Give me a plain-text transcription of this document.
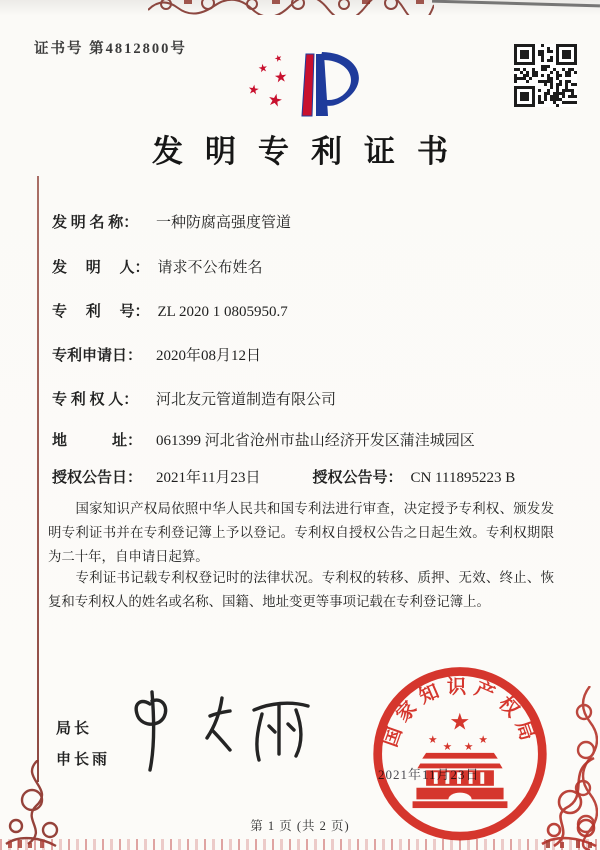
证书号 第4812800号
★
★ ★
★ ★
发明专利证书
发 明 名 称：	一种防腐高强度管道
发　 明　 人： 请求不公布姓名
专　 利　 号： ZL 2020 1 0805950.7
专利申请日： 2020年08月12日
专 利 权 人：	河北友元管道制造有限公司
地　　　址： 061399 河北省沧州市盐山经济开发区蒲洼城园区
授权公告日： 2021年11月23日	授权公告号： CN 111895223 B
国家知识产权局依照中华人民共和国专利法进行审查，决定授予专利权、颁发发明专利证书并在专利登记簿上予以登记。专利权自授权公告之日起生效。专利权期限为二十年，自申请日起算。
专利证书记载专利权登记时的法律状况。专利权的转移、质押、无效、终止、恢复和专利权人的姓名或名称、国籍、地址变更等事项记载在专利登记簿上。
局长
申长雨
国家知识产权局
★
★
★ ★
★
2021年11月23日
第 1 页 (共 2 页)
